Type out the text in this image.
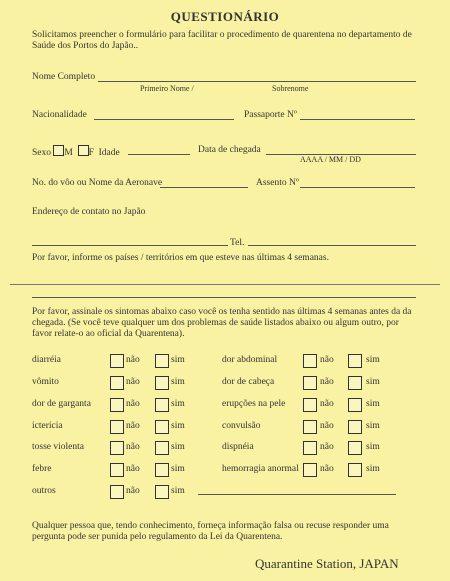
QUESTIONÁRIO
Solicitamos preencher o formulário para facilitar o procedimento de quarentena no departamento de Saúde dos Portos do Japão..
Nome Completo
Primeiro Nome /	Sobrenome
Nacionalidade	Passaporte Nº
Sexo M F Idade	Data de chegada
AAAA / MM / DD
No. do vôo ou Nome da Aeronave	Assento Nº
Endereço de contato no Japão
Tel.
Por favor, informe os países / territórios em que esteve nas últimas 4 semanas.
Por favor, assinale os sintomas abaixo caso você os tenha sentido nas últimas 4 semanas antes da da chegada. (Se você teve qualquer um dos problemas de saúde listados abaixo ou algum outro, por favor relate-o ao oficial da Quarentena).
diarréia	não	sim
vômito	não	sim
dor de garganta	não	sim
icterícia	não	sim
tosse violenta	não	sim
febre	não	sim
outros	não	sim
dor abdominal	não	sim
dor de cabeça	não	sim
erupções na pele	não	sim
convulsão	não	sim
dispnéia	não	sim
hemorragia anormal não	sim
Qualquer pessoa que, tendo conhecimento, forneça informação falsa ou recuse responder uma pergunta pode ser punida pelo regulamento da Lei da Quarentena.
Quarantine Station, JAPAN
